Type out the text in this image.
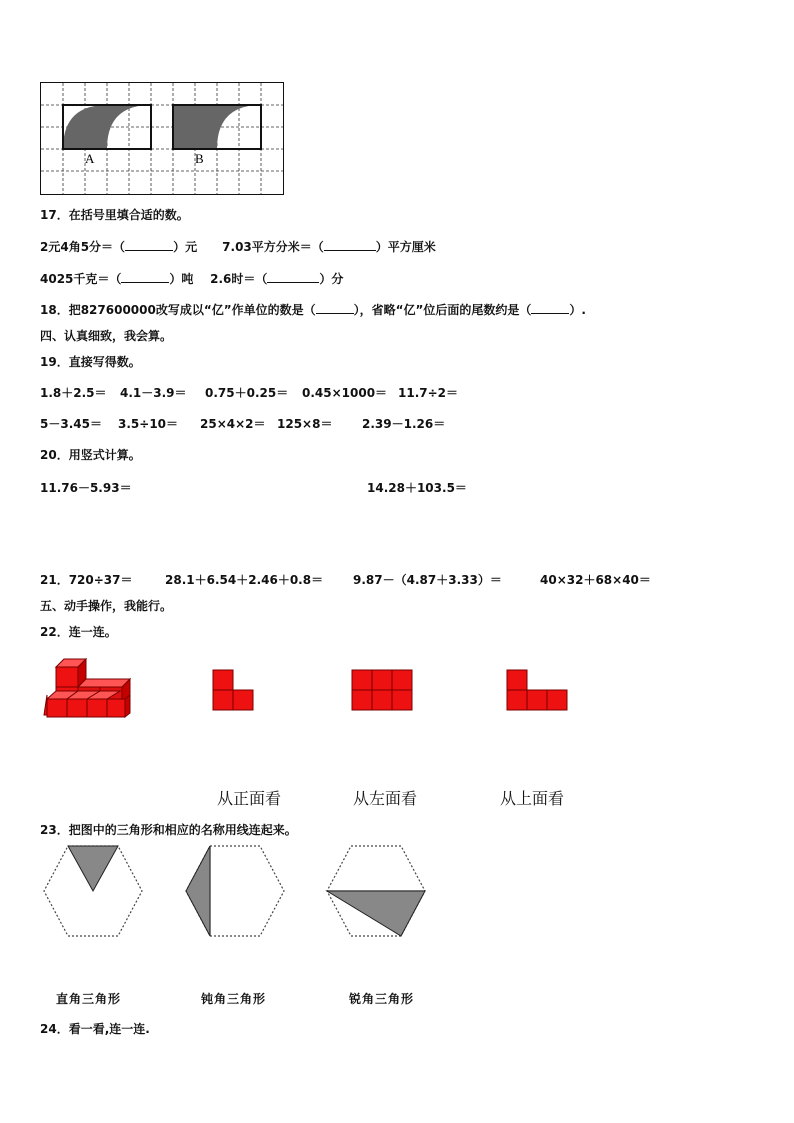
A	B
17．在括号里填合适的数。
2元4角5分＝（	）元 7.03平方分米＝（	）平方厘米
4025千克＝（	）吨 2.6时＝（	）分
18．把827600000改写成以“亿”作单位的数是（	），省略“亿”位后面的尾数约是（	）.
四、认真细致，我会算。
19．直接写得数。
1.8＋2.5＝ 4.1－3.9＝ 0.75＋0.25＝ 0.45×1000＝ 11.7÷2＝
5－3.45＝ 3.5÷10＝ 25×4×2＝ 125×8＝ 2.39－1.26＝
20．用竖式计算。
11.76－5.93＝	14.28＋103.5＝
21．720÷37＝	28.1＋6.54＋2.46＋0.8＝ 9.87－（4.87＋3.33）＝	40×32＋68×40＝
五、动手操作，我能行。
22．连一连。
从正面看	从左面看	从上面看
23．把图中的三角形和相应的名称用线连起来。
直角三角形	钝角三角形	锐角三角形
24．看一看,连一连.
